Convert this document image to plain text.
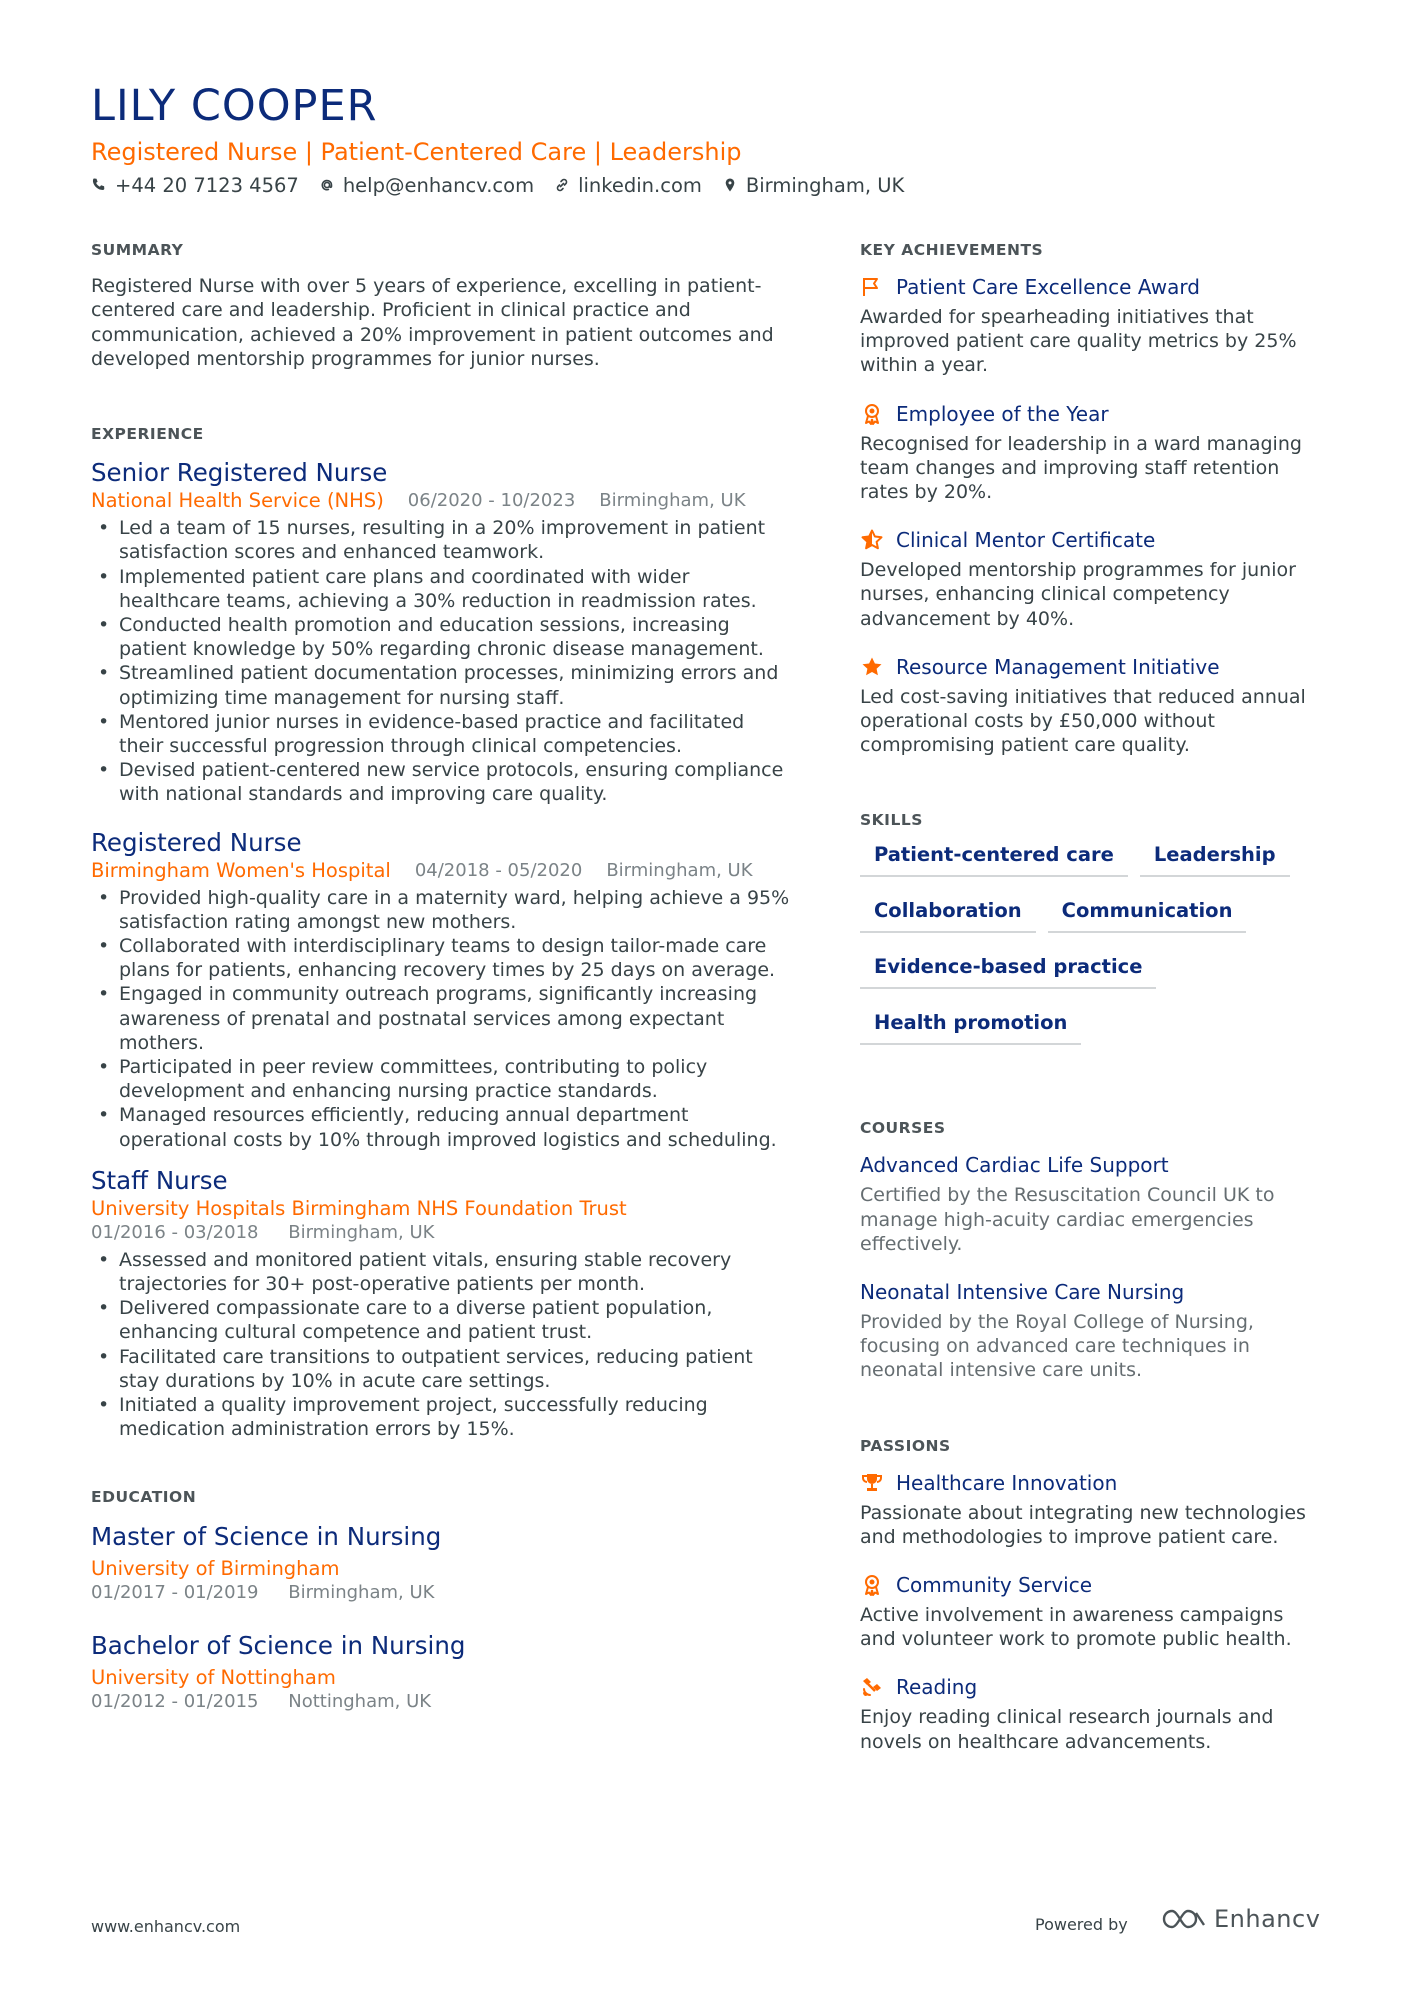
LILY COOPER
Registered Nurse | Patient-Centered Care | Leadership
+44 20 7123 4567 help@enhancv.com linkedin.com Birmingham, UK
SUMMARY
Registered Nurse with over 5 years of experience, excelling in patient-centered care and leadership. Proficient in clinical practice and communication, achieved a 20% improvement in patient outcomes and developed mentorship programmes for junior nurses.
EXPERIENCE
Senior Registered Nurse
National Health Service (NHS) 06/2020 - 10/2023 Birmingham, UK
• Led a team of 15 nurses, resulting in a 20% improvement in patient satisfaction scores and enhanced teamwork.
• Implemented patient care plans and coordinated with wider healthcare teams, achieving a 30% reduction in readmission rates.
• Conducted health promotion and education sessions, increasing patient knowledge by 50% regarding chronic disease management.
• Streamlined patient documentation processes, minimizing errors and optimizing time management for nursing staff.
• Mentored junior nurses in evidence-based practice and facilitated their successful progression through clinical competencies.
• Devised patient-centered new service protocols, ensuring compliance with national standards and improving care quality.
Registered Nurse
Birmingham Women's Hospital 04/2018 - 05/2020 Birmingham, UK
• Provided high-quality care in a maternity ward, helping achieve a 95% satisfaction rating amongst new mothers.
• Collaborated with interdisciplinary teams to design tailor-made care plans for patients, enhancing recovery times by 25 days on average.
• Engaged in community outreach programs, significantly increasing awareness of prenatal and postnatal services among expectant mothers.
• Participated in peer review committees, contributing to policy development and enhancing nursing practice standards.
• Managed resources efficiently, reducing annual department operational costs by 10% through improved logistics and scheduling.
Staff Nurse
University Hospitals Birmingham NHS Foundation Trust
01/2016 - 03/2018 Birmingham, UK
• Assessed and monitored patient vitals, ensuring stable recovery trajectories for 30+ post-operative patients per month.
• Delivered compassionate care to a diverse patient population, enhancing cultural competence and patient trust.
• Facilitated care transitions to outpatient services, reducing patient stay durations by 10% in acute care settings.
• Initiated a quality improvement project, successfully reducing medication administration errors by 15%.
EDUCATION
Master of Science in Nursing
University of Birmingham
01/2017 - 01/2019 Birmingham, UK
Bachelor of Science in Nursing
University of Nottingham
01/2012 - 01/2015 Nottingham, UK
KEY ACHIEVEMENTS
Patient Care Excellence Award
Awarded for spearheading initiatives that improved patient care quality metrics by 25% within a year.
Employee of the Year
Recognised for leadership in a ward managing team changes and improving staff retention rates by 20%.
Clinical Mentor Certificate
Developed mentorship programmes for junior nurses, enhancing clinical competency advancement by 40%.
Resource Management Initiative
Led cost-saving initiatives that reduced annual operational costs by £50,000 without compromising patient care quality.
SKILLS
Patient-centered care	Leadership
Collaboration	Communication
Evidence-based practice
Health promotion
COURSES
Advanced Cardiac Life Support
Certified by the Resuscitation Council UK to manage high-acuity cardiac emergencies effectively.
Neonatal Intensive Care Nursing
Provided by the Royal College of Nursing, focusing on advanced care techniques in neonatal intensive care units.
PASSIONS
Healthcare Innovation
Passionate about integrating new technologies and methodologies to improve patient care.
Community Service
Active involvement in awareness campaigns and volunteer work to promote public health.
Reading
Enjoy reading clinical research journals and novels on healthcare advancements.
www.enhancv.com	Powered by	Enhancv
